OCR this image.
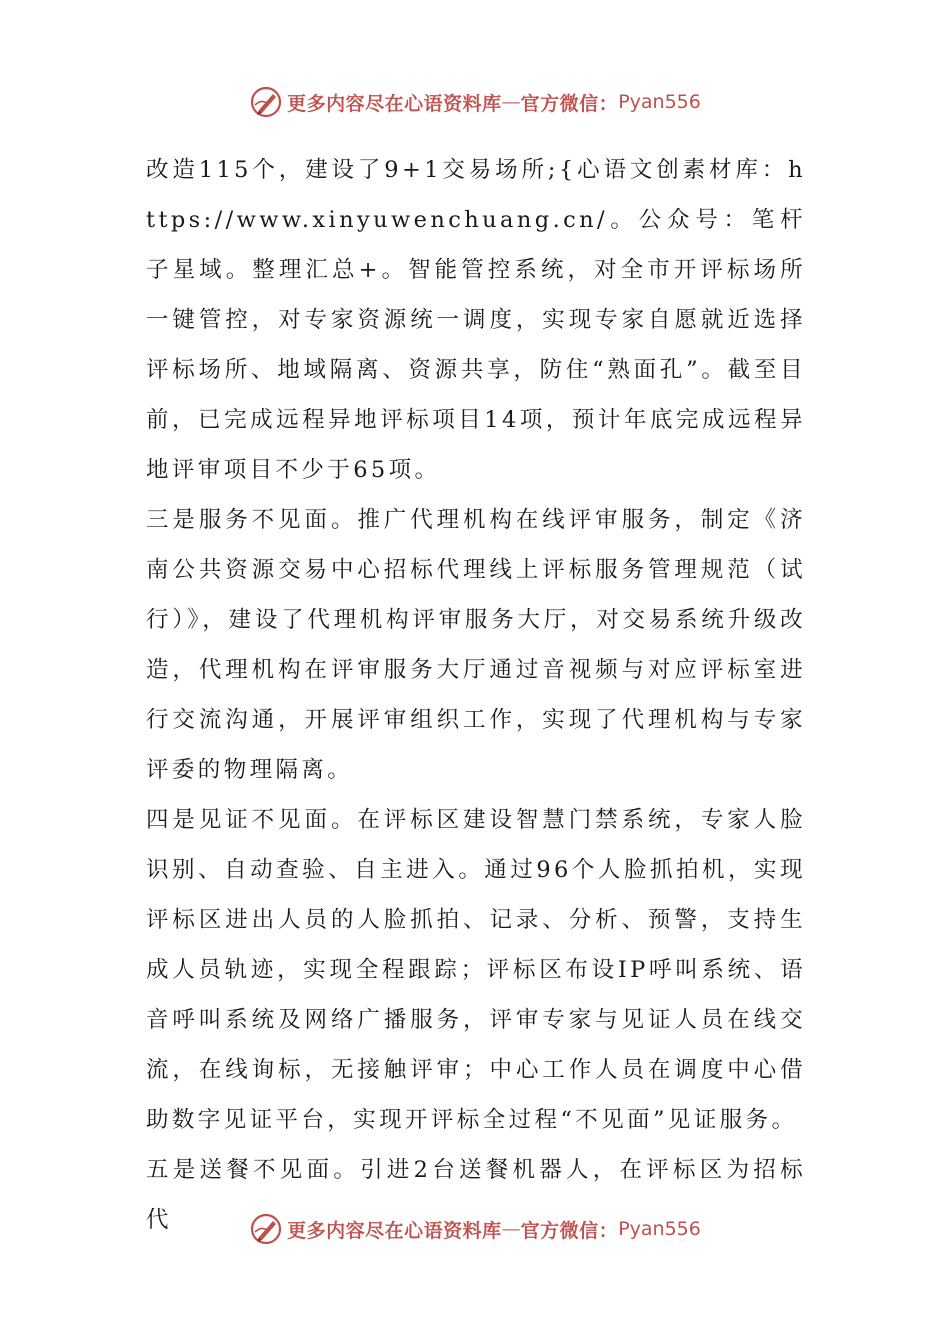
更多内容尽在心语资料库 — 官方微信： Pyan556

改造115个，建设了9+1交易场所;{心语文创素材库：https://www.xinyuwenchuang.cn/。公众号：笔杆子星域。整理汇总+。智能管控系统，对全市开评标场所一键管控，对专家资源统一调度，实现专家自愿就近选择评标场所、地域隔离、资源共享，防住“熟面孔”。截至目前，已完成远程异地评标项目14项，预计年底完成远程异地评审项目不少于65项。

三是服务不见面。推广代理机构在线评审服务，制定《济南公共资源交易中心招标代理线上评标服务管理规范（试行）》，建设了代理机构评审服务大厅，对交易系统升级改造，代理机构在评审服务大厅通过音视频与对应评标室进行交流沟通，开展评审组织工作，实现了代理机构与专家评委的物理隔离。

四是见证不见面。在评标区建设智慧门禁系统，专家人脸识别、自动查验、自主进入。通过96个人脸抓拍机，实现评标区进出人员的人脸抓拍、记录、分析、预警，支持生成人员轨迹，实现全程跟踪；评标区布设IP呼叫系统、语音呼叫系统及网络广播服务，评审专家与见证人员在线交流，在线询标，无接触评审；中心工作人员在调度中心借助数字见证平台，实现开评标全过程“不见面”见证服务。

五是送餐不见面。引进2台送餐机器人，在评标区为招标代	更多内容尽在心语资料库 — 官方微信： Pyan556
